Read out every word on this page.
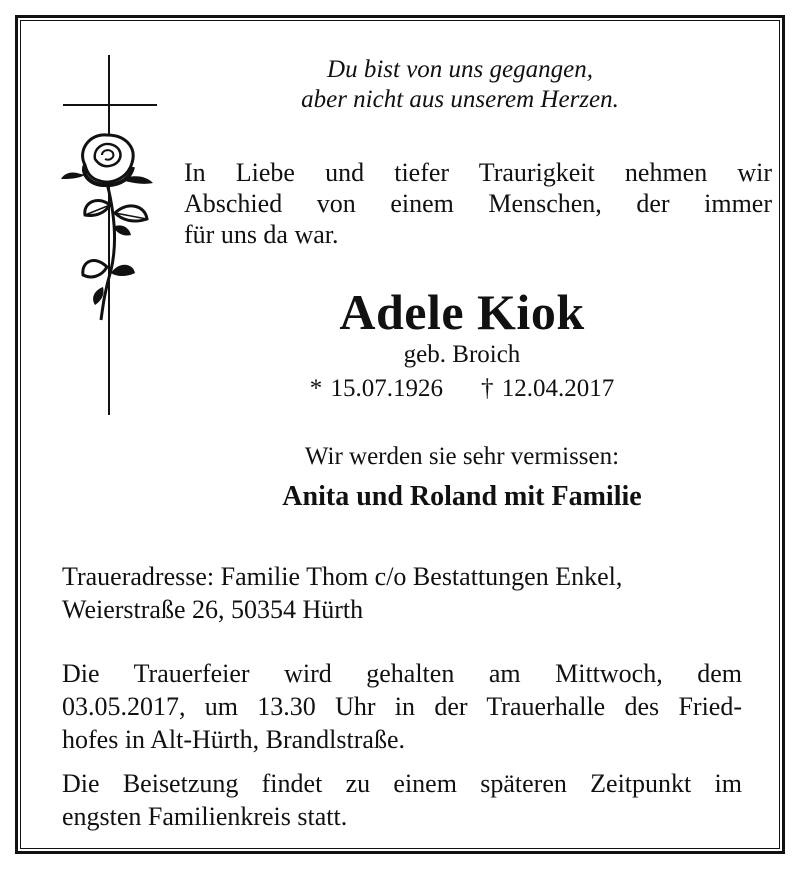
Du bist von uns gegangen,
aber nicht aus unserem Herzen.

In Liebe und tiefer Traurigkeit nehmen wir
Abschied von einem Menschen, der immer
für uns da war.

Adele Kiok

geb. Broich

* 15.07.1926 † 12.04.2017

Wir werden sie sehr vermissen:

Anita und Roland mit Familie

Traueradresse: Familie Thom c/o Bestattungen Enkel,
Weierstraße 26, 50354 Hürth

Die Trauerfeier wird gehalten am Mittwoch, dem
03.05.2017, um 13.30 Uhr in der Trauerhalle des Fried-
hofes in Alt-Hürth, Brandlstraße.

Die Beisetzung findet zu einem späteren Zeitpunkt im
engsten Familienkreis statt.
